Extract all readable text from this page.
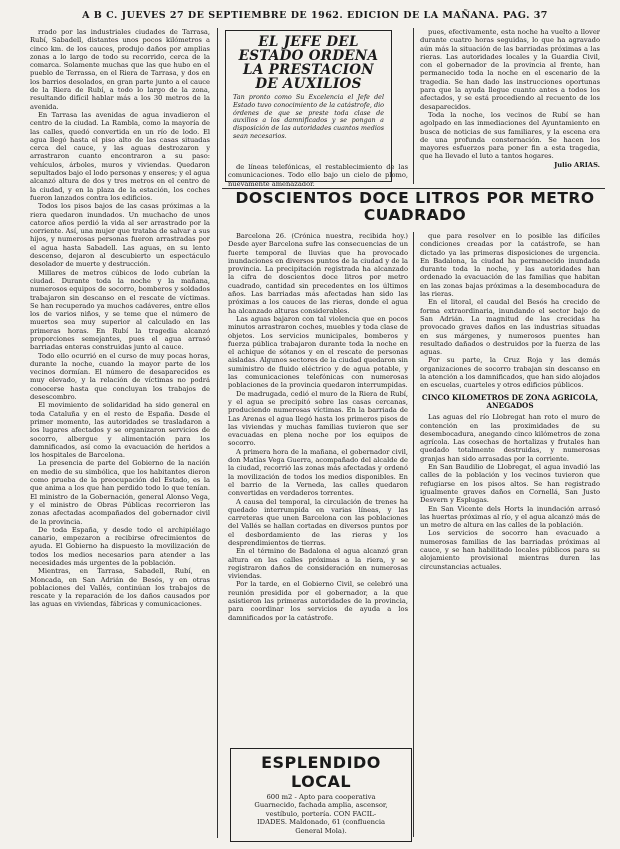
A B C. JUEVES 27 DE SEPTIEMBRE DE 1962. EDICION DE LA MAÑANA. PAG. 37

rrado por las industriales ciudades de Tarrasa, Rubí, Sabadell, distantes unos pocos kilómetros a cinco km. de los cauces, produjo daños por amplias zonas a lo largo de todo su recorrido, cerca de la comarca. Solamente muchas que las que hubo en el pueblo de Terrassa, en el Riera de Tarrasa, y dos en los barrios desolados, en gran parte junto a el cauce de la Riera de Rubí, a todo lo largo de la zona, resultando difícil hablar más a los 30 metros de la avenida.

En Tarrasa las avenidas de agua invadieron el centro de la ciudad. La Rambla, como la mayoría de las calles, quedó convertida en un río de lodo. El agua llegó hasta el piso alto de las casas situadas cerca del cauce, y las aguas destrozaron y arrastraron cuanto encontraron a su paso: vehículos, árboles, muros y viviendas. Quedaron sepultados bajo el lodo personas y enseres; y el agua alcanzó altura de dos y tres metros en el centro de la ciudad, y en la plaza de la estación, los coches fueron lanzados contra los edificios.

Todos los pisos bajos de las casas próximas a la riera quedaron inundados. Un muchacho de unos catorce años perdió la vida al ser arrastrado por la corriente. Así, una mujer que trataba de salvar a sus hijos, y numerosas personas fueron arrastradas por el agua hasta Sabadell. Las aguas, en su lento descenso, dejaron al descubierto un espectáculo desolador de muerte y destrucción.

Millares de metros cúbicos de lodo cubrían la ciudad. Durante toda la noche y la mañana, numerosos equipos de socorro, bomberos y soldados trabajaron sin descanso en el rescate de víctimas. Se han recuperado ya muchos cadáveres, entre ellos los de varios niños, y se teme que el número de muertos sea muy superior al calculado en las primeras horas. En Rubí la tragedia alcanzó proporciones semejantes, pues el agua arrasó barriadas enteras construidas junto al cauce.

Todo ello ocurrió en el curso de muy pocas horas, durante la noche, cuando la mayor parte de los vecinos dormían. El número de desaparecidos es muy elevado, y la relación de víctimas no podrá conocerse hasta que concluyan los trabajos de desescombro.

El movimiento de solidaridad ha sido general en toda Cataluña y en el resto de España. Desde el primer momento, las autoridades se trasladaron a los lugares afectados y se organizaron servicios de socorro, albergue y alimentación para los damnificados, así como la evacuación de heridos a los hospitales de Barcelona.

La presencia de parte del Gobierno de la nación en medio de su simbólica, que los habitantes dieron como prueba de la preocupación del Estado, es la que anima a los que han perdido todo lo que tenían. El ministro de la Gobernación, general Alonso Vega, y el ministro de Obras Públicas recorrieron las zonas afectadas acompañados del gobernador civil de la provincia.

De toda España, y desde todo el archipiélago canario, empezaron a recibirse ofrecimientos de ayuda. El Gobierno ha dispuesto la movilización de todos los medios necesarios para atender a las necesidades más urgentes de la población.

Mientras, en Tarrasa, Sabadell, Rubí, en Moncada, en San Adrián de Besós, y en otras poblaciones del Vallés, continúan los trabajos de rescate y la reparación de los daños causados por las aguas en viviendas, fábricas y comunicaciones.

EL JEFE DEL ESTADO ORDENA LA PRESTACION DE AUXILIOS
Tan pronto como Su Excelencia el Jefe del Estado tuvo conocimiento de la catástrofe, dio órdenes de que se preste toda clase de auxilios a los damnificados y se pongan a disposición de las autoridades cuantos medios sean necesarios.

pues, efectivamente, esta noche ha vuelto a llover durante cuatro horas seguidas, lo que ha agravado aún más la situación de las barriadas próximas a las rieras. Las autoridades locales y la Guardia Civil, con el gobernador de la provincia al frente, han permanecido toda la noche en el escenario de la tragedia. Se han dado las instrucciones oportunas para que la ayuda llegue cuanto antes a todos los afectados, y se está procediendo al recuento de los desaparecidos.

Toda la noche, los vecinos de Rubí se han agolpado en las inmediaciones del Ayuntamiento en busca de noticias de sus familiares, y la escena era de una profunda consternación. Se hacen los mayores esfuerzos para poner fin a esta tragedia, que ha llevado el luto a tantos hogares.

Julio ARIAS.

de líneas telefónicas, el restablecimiento de las comunicaciones. Todo ello bajo un cielo de plomo, nuevamente amenazador.

DOSCIENTOS DOCE LITROS POR METRO CUADRADO

Barcelona 26. (Crónica nuestra, recibida hoy.) Desde ayer Barcelona sufre las consecuencias de un fuerte temporal de lluvias que ha provocado inundaciones en diversos puntos de la ciudad y de la provincia. La precipitación registrada ha alcanzado la cifra de doscientos doce litros por metro cuadrado, cantidad sin precedentes en los últimos años. Las barriadas más afectadas han sido las próximas a los cauces de las rieras, donde el agua ha alcanzado alturas considerables.

Las aguas bajaron con tal violencia que en pocos minutos arrastraron coches, muebles y toda clase de objetos. Los servicios municipales, bomberos y fuerza pública trabajaron durante toda la noche en el achique de sótanos y en el rescate de personas aisladas. Algunos sectores de la ciudad quedaron sin suministro de fluido eléctrico y de agua potable, y las comunicaciones telefónicas con numerosas poblaciones de la provincia quedaron interrumpidas.

De madrugada, cedió el muro de la Riera de Rubí, y el agua se precipitó sobre las casas cercanas, produciendo numerosas víctimas. En la barriada de Las Arenas el agua llegó hasta los primeros pisos de las viviendas y muchas familias tuvieron que ser evacuadas en plena noche por los equipos de socorro.

A primera hora de la mañana, el gobernador civil, don Matías Vega Guerra, acompañado del alcalde de la ciudad, recorrió las zonas más afectadas y ordenó la movilización de todos los medios disponibles. En el barrio de la Verneda, las calles quedaron convertidas en verdaderos torrentes.

A causa del temporal, la circulación de trenes ha quedado interrumpida en varias líneas, y las carreteras que unen Barcelona con las poblaciones del Vallés se hallan cortadas en diversos puntos por el desbordamiento de las rieras y los desprendimientos de tierras.

En el término de Badalona el agua alcanzó gran altura en las calles próximas a la riera, y se registraron daños de consideración en numerosas viviendas.

Por la tarde, en el Gobierno Civil, se celebró una reunión presidida por el gobernador, a la que asistieron las primeras autoridades de la provincia, para coordinar los servicios de ayuda a los damnificados por la catástrofe.

que para resolver en lo posible las difíciles condiciones creadas por la catástrofe, se han dictado ya las primeras disposiciones de urgencia. En Badalona, la ciudad ha permanecido inundada durante toda la noche, y las autoridades han ordenado la evacuación de las familias que habitan en las zonas bajas próximas a la desembocadura de las rieras.

En el litoral, el caudal del Besós ha crecido de forma extraordinaria, inundando el sector bajo de San Adrián. La magnitud de las crecidas ha provocado graves daños en las industrias situadas en sus márgenes, y numerosos puentes han resultado dañados o destruidos por la fuerza de las aguas.

Por su parte, la Cruz Roja y las demás organizaciones de socorro trabajan sin descanso en la atención a los damnificados, que han sido alojados en escuelas, cuarteles y otros edificios públicos.

CINCO KILOMETROS DE ZONA AGRICOLA, ANEGADOS

Las aguas del río Llobregat han roto el muro de contención en las proximidades de su desembocadura, anegando cinco kilómetros de zona agrícola. Las cosechas de hortalizas y frutales han quedado totalmente destruidas, y numerosas granjas han sido arrasadas por la corriente.

En San Baudilio de Llobregat, el agua invadió las calles de la población y los vecinos tuvieron que refugiarse en los pisos altos. Se han registrado igualmente graves daños en Cornellá, San Justo Desvern y Esplugas.

En San Vicente dels Horts la inundación arrasó las huertas próximas al río, y el agua alcanzó más de un metro de altura en las calles de la población.

Los servicios de socorro han evacuado a numerosas familias de las barriadas próximas al cauce, y se han habilitado locales públicos para su alojamiento provisional mientras duren las circunstancias actuales.

ESPLENDIDO LOCAL
600 m2 - Apto para cooperativa
Guarnecido, fachada amplia, ascensor,
vestíbulo, portería. CON FACIL-
IDADES. Maldonado, 61 (confluencia
General Mola).
